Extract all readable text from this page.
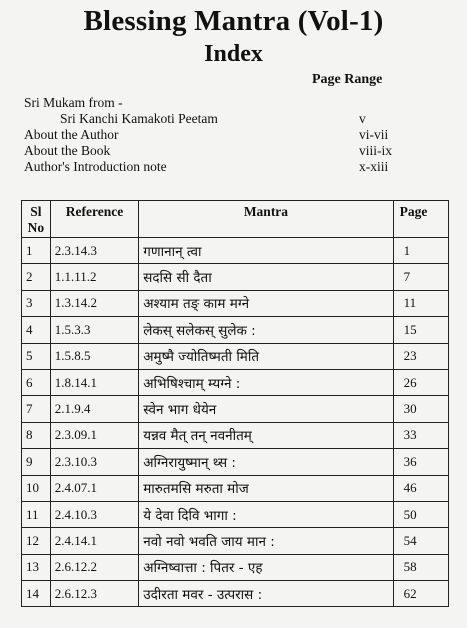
Blessing Mantra (Vol-1)
Index
Page Range
Sri Mukam from -
Sri Kanchi Kamakoti Peetam	v
About the Author	vi-vii
About the Book	viii-ix
Author's Introduction note	x-xiii
Sl
No	Reference	Mantra	Page
1	2.3.14.3	गणानान् त्वा	1
2	1.1.11.2	सदसि सी दैता	7
3	1.3.14.2	अश्याम तङ् काम मग्ने	11
4	1.5.3.3	लेकस् सलेकस् सुलेक :	15
5	1.5.8.5	अमुष्मै ज्योतिष्मती मिति	23
6	1.8.14.1	अभिषिश्चाम् म्यग्ने :	26
7	2.1.9.4	स्वेन भाग धेयेन	30
8	2.3.09.1	यन्नव मैत् तन् नवनीतम्	33
9	2.3.10.3	अग्निरायुष्मान् थ्स :	36
10	2.4.07.1	मारुतमसि मरुता मोज	46
11	2.4.10.3	ये देवा दिवि भागा :	50
12	2.4.14.1	नवो नवो भवति जाय मान :	54
13	2.6.12.2	अग्निष्वात्ता : पितर - एह	58
14	2.6.12.3	उदीरता मवर - उत्परास :	62
